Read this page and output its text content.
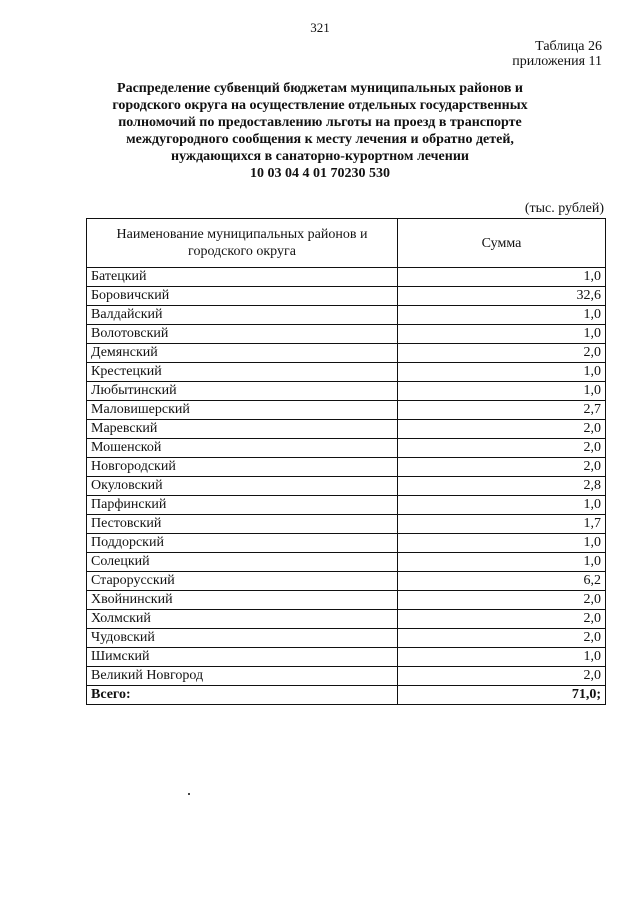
321
Таблица 26
приложения 11
Распределение субвенций бюджетам муниципальных районов и
городского округа на осуществление отдельных государственных
полномочий по предоставлению льготы на проезд в транспорте
междугородного сообщения к месту лечения и обратно детей,
нуждающихся в санаторно-курортном лечении
10 03 04 4 01 70230 530
(тыс. рублей)
Наименование муниципальных районов и городского округа	Сумма
Батецкий	1,0
Боровичский	32,6
Валдайский	1,0
Волотовский	1,0
Демянский	2,0
Крестецкий	1,0
Любытинский	1,0
Маловишерский	2,7
Маревский	2,0
Мошенской	2,0
Новгородский	2,0
Окуловский	2,8
Парфинский	1,0
Пестовский	1,7
Поддорский	1,0
Солецкий	1,0
Старорусский	6,2
Хвойнинский	2,0
Холмский	2,0
Чудовский	2,0
Шимский	1,0
Великий Новгород	2,0
Всего:	71,0;
